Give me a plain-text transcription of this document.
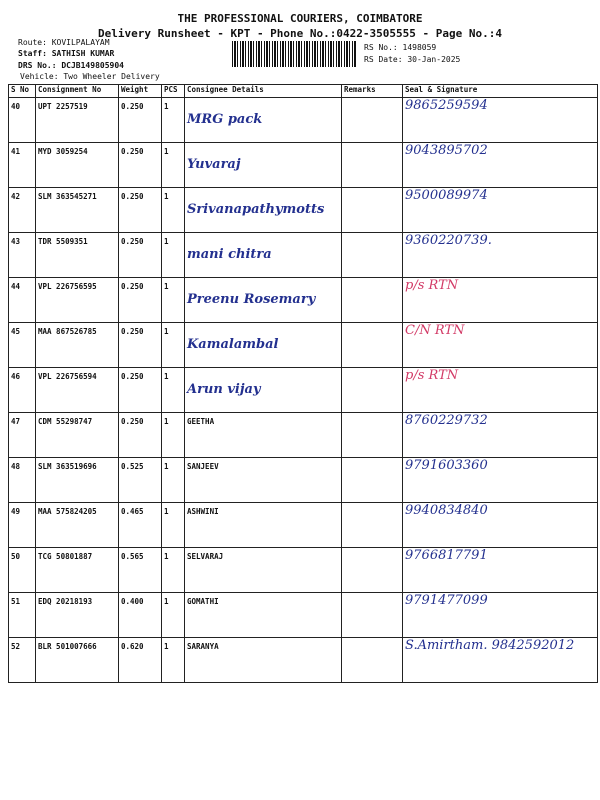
THE PROFESSIONAL COURIERS, COIMBATORE
Delivery Runsheet - KPT - Phone No.:0422-3505555 - Page No.:4
Route: KOVILPALAYAM
Staff: SATHISH KUMAR
DRS No.: DCJB149805904
Vehicle: Two Wheeler Delivery
RS No.: 1498059
RS Date: 30-Jan-2025
S No	Consignment No	Weight	PCS	Consignee Details	Remarks	Seal & Signature
40	UPT 2257519	0.250	1	MRG pack		9865259594

41	MYD 3059254	0.250	1	Yuvaraj		9043895702

42	SLM 363545271	0.250	1	Srivanapathymotts		9500089974

43	TDR 5509351	0.250	1	mani chitra		9360220739.

44	VPL 226756595	0.250	1	Preenu Rosemary		p/s RTN

45	MAA 867526785	0.250	1	Kamalambal		C/N RTN

46	VPL 226756594	0.250	1	Arun vijay		p/s RTN

47	CDM 55298747	0.250	1	GEETHA		8760229732

48	SLM 363519696	0.525	1	SANJEEV		9791603360

49	MAA 575824205	0.465	1	ASHWINI		9940834840

50	TCG 50801887	0.565	1	SELVARAJ		9766817791

51	EDQ 20218193	0.400	1	GOMATHI		9791477099

52	BLR 501007666	0.620	1	SARANYA		S.Amirtham. 9842592012
